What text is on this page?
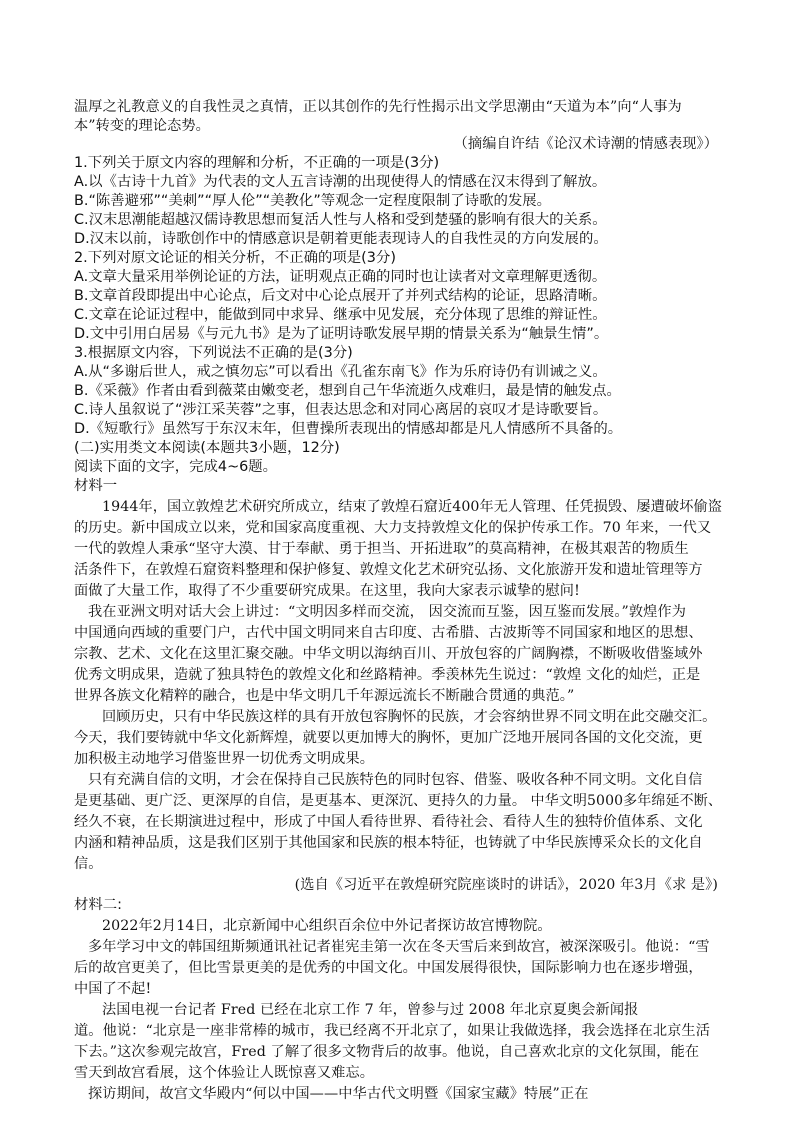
温厚之礼教意义的自我性灵之真情，正以其创作的先行性揭示出文学思潮由“天道为本”向“人事为
本”转变的理论态势。
（摘编自许结《论汉术诗潮的情感表现》）
1.下列关于原文内容的理解和分析，不正确的一项是(3分)
A.以《古诗十九首》为代表的文人五言诗潮的出现使得人的情感在汉末得到了解放。
B.“陈善避邪”“美刺”“厚人伦”“美教化”等观念一定程度限制了诗歌的发展。
C.汉末思潮能超越汉儒诗教思想而复活人性与人格和受到楚骚的影响有很大的关系。
D.汉末以前，诗歌创作中的情感意识是朝着更能表现诗人的自我性灵的方向发展的。
2.下列对原文论证的相关分析，不正确的项是(3分)
A.文章大量采用举例论证的方法，证明观点正确的同时也让读者对文章理解更透彻。
B.文章首段即提出中心论点，后文对中心论点展开了并列式结构的论证，思路清晰。
C.文章在论证过程中，能做到同中求异、继承中见发展，充分体现了思维的辩证性。
D.文中引用白居易《与元九书》是为了证明诗歌发展早期的情景关系为“触景生情”。
3.根据原文内容，下列说法不正确的是(3分)
A.从“多谢后世人，戒之慎勿忘”可以看出《孔雀东南飞》作为乐府诗仍有训诫之义。
B.《采薇》作者由看到薇菜由嫩变老，想到自己午华流逝久戍难归，最是情的触发点。
C.诗人虽叙说了“涉江采芙蓉”之事，但表达思念和对同心离居的哀叹才是诗歌要旨。
D.《短歌行》虽然写于东汉末年，但曹操所表现出的情感却都是凡人情感所不具备的。
(二)实用类文本阅读(本题共3小题，12分)
阅读下面的文字，完成4~6题。
材料一
1944年，国立敦煌艺术研究所成立，结束了敦煌石窟近400年无人管理、任凭损毁、屡遭破坏偷盗
的历史。新中国成立以来，党和国家高度重视、大力支持敦煌文化的保护传承工作。70 年来，一代又
一代的敦煌人秉承“坚守大漠、甘于奉献、勇于担当、开拓进取”的莫高精神，在极其艰苦的物质生
活条件下，在敦煌石窟资料整理和保护修复、敦煌文化艺术研究弘扬、文化旅游开发和遗址管理等方
面做了大量工作，取得了不少重要研究成果。在这里，我向大家表示诚挚的慰问!
我在亚洲文明对话大会上讲过：“文明因多样而交流， 因交流而互鉴，因互鉴而发展。”敦煌作为
中国通向西域的重要门户，古代中国文明同来自古印度、古希腊、古波斯等不同国家和地区的思想、
宗教、艺术、文化在这里汇聚交融。中华文明以海纳百川、开放包容的广阔胸襟，不断吸收借鉴域外
优秀文明成果，造就了独具特色的敦煌文化和丝路精神。季羡林先生说过：“敦煌 文化的灿烂，正是
世界各族文化精粹的融合，也是中华文明几千年源远流长不断融合贯通的典范。”
回顾历史，只有中华民族这样的具有开放包容胸怀的民族，才会容纳世界不同文明在此交融交汇。
今天，我们要铸就中华文化新辉煌，就要以更加博大的胸怀，更加广泛地开展同各国的文化交流，更
加积极主动地学习借鉴世界一切优秀文明成果。
只有充满自信的文明，才会在保持自己民族特色的同时包容、借鉴、吸收各种不同文明。文化自信
是更基础、更广泛、更深厚的自信，是更基本、更深沉、更持久的力量。 中华文明5000多年绵延不断、
经久不衰，在长期演进过程中，形成了中国人看待世界、看待社会、看待人生的独特价值体系、文化
内涵和精神品质，这是我们区别于其他国家和民族的根本特征，也铸就了中华民族博采众长的文化自
信。
(选自《习近平在敦煌研究院座谈时的讲话》，2020 年3月《求 是》)
材料二:
2022年2月14日，北京新闻中心组织百余位中外记者探访故宫博物院。
多年学习中文的韩国纽斯频通讯社记者崔宪圭第一次在冬天雪后来到故宫，被深深吸引。他说：“雪
后的故宫更美了，但比雪景更美的是优秀的中国文化。中国发展得很快，国际影响力也在逐步增强，
中国了不起!
法国电视一台记者 Fred 已经在北京工作 7 年，曾参与过 2008 年北京夏奥会新闻报
道。他说：“北京是一座非常棒的城市，我已经离不开北京了，如果让我做选择，我会选择在北京生活
下去。”这次参观完故宫，Fred 了解了很多文物背后的故事。他说，自己喜欢北京的文化氛围，能在
雪天到故宫看展，这个体验让人既惊喜又难忘。
探访期间，故宫文华殿内“何以中国——中华古代文明暨《国家宝藏》特展”正在
